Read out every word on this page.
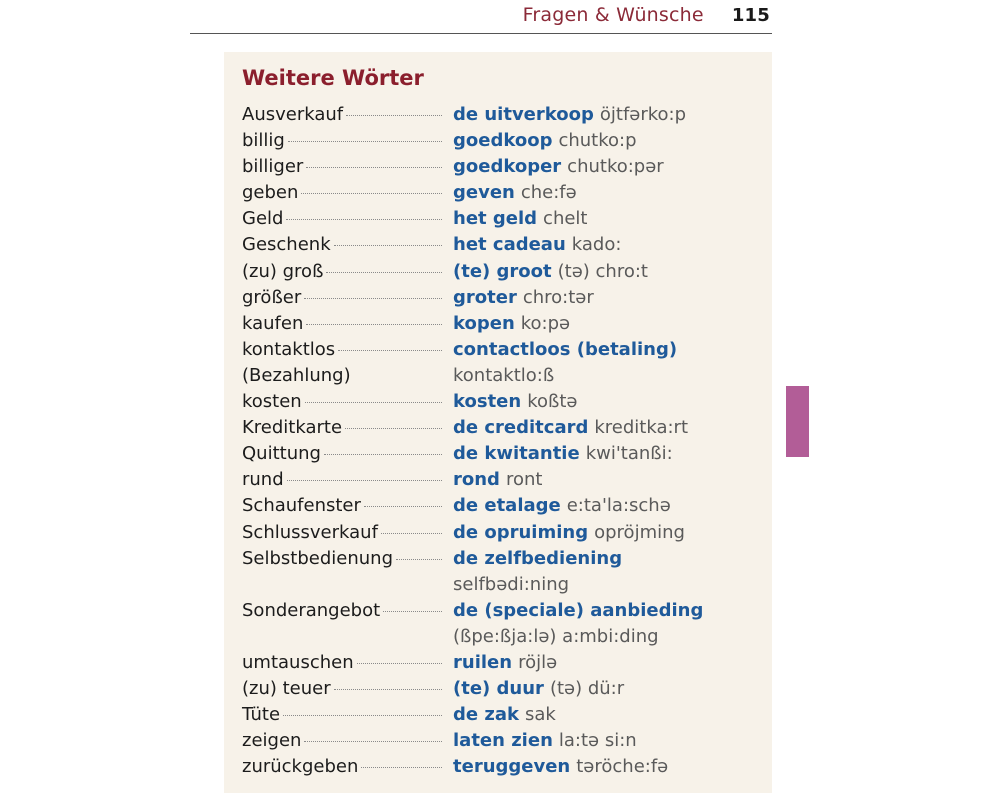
Fragen & Wünsche 115
Weitere Wörter
Ausverkauf	de uitverkoop öjtfərko:p
billig	goedkoop chutko:p
billiger	goedkoper chutko:pər
geben	geven che:fə
Geld	het geld chelt
Geschenk	het cadeau kado:
(zu) groß	(te) groot (tə) chro:t
größer	groter chro:tər
kaufen	kopen ko:pə
kontaktlos	contactloos (betaling)
(Bezahlung)	kontaktlo:ß
kosten	kosten koßtə
Kreditkarte	de creditcard kreditka:rt
Quittung	de kwitantie kwi'tanßi:
rund	rond ront
Schaufenster	de etalage e:ta'la:schə
Schlussverkauf	de opruiming opröjming
Selbstbedienung	de zelfbediening
selfbədi:ning
Sonderangebot	de (speciale) aanbieding
(ßpe:ßja:lə) a:mbi:ding
umtauschen	ruilen röjlə
(zu) teuer	(te) duur (tə) dü:r
Tüte	de zak sak
zeigen	laten zien la:tə si:n
zurückgeben	teruggeven təröche:fə
